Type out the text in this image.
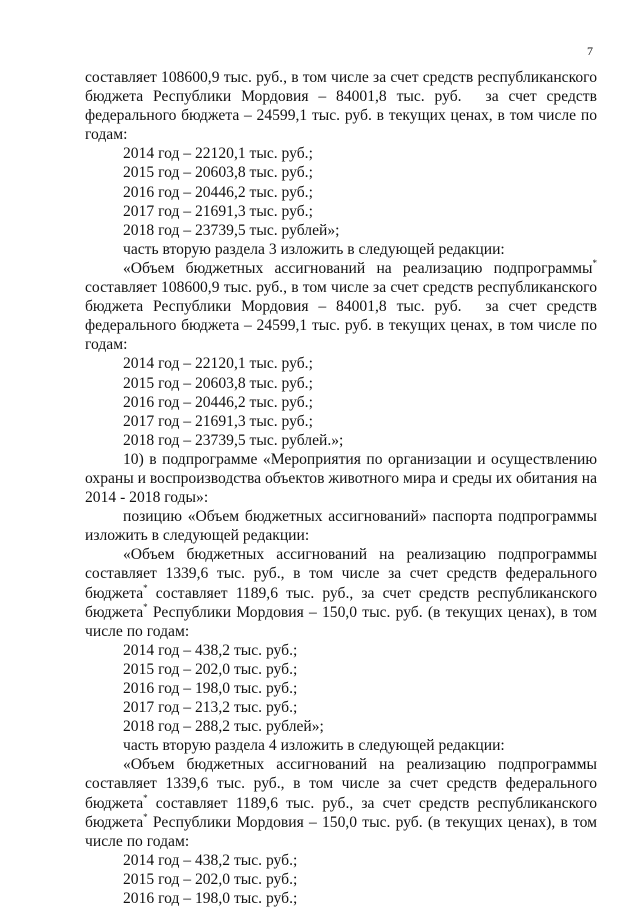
7

составляет 108600,9 тыс. руб., в том числе за счет средств республиканского бюджета Республики Мордовия – 84001,8 тыс. руб. за счет средств федерального бюджета – 24599,1 тыс. руб. в текущих ценах, в том числе по годам:

2014 год – 22120,1 тыс. руб.;

2015 год – 20603,8 тыс. руб.;

2016 год – 20446,2 тыс. руб.;

2017 год – 21691,3 тыс. руб.;

2018 год – 23739,5 тыс. рублей»;

часть вторую раздела 3 изложить в следующей редакции:

«Объем бюджетных ассигнований на реализацию подпрограммы* составляет 108600,9 тыс. руб., в том числе за счет средств республиканского бюджета Республики Мордовия – 84001,8 тыс. руб. за счет средств федерального бюджета – 24599,1 тыс. руб. в текущих ценах, в том числе по годам:

2014 год – 22120,1 тыс. руб.;

2015 год – 20603,8 тыс. руб.;

2016 год – 20446,2 тыс. руб.;

2017 год – 21691,3 тыс. руб.;

2018 год – 23739,5 тыс. рублей.»;

10) в подпрограмме «Мероприятия по организации и осуществлению охраны и воспроизводства объектов животного мира и среды их обитания на 2014 - 2018 годы»:

позицию «Объем бюджетных ассигнований» паспорта подпрограммы изложить в следующей редакции:

«Объем бюджетных ассигнований на реализацию подпрограммы составляет 1339,6 тыс. руб., в том числе за счет средств федерального бюджета* составляет 1189,6 тыс. руб., за счет средств республиканского бюджета* Республики Мордовия – 150,0 тыс. руб. (в текущих ценах), в том числе по годам:

2014 год – 438,2 тыс. руб.;

2015 год – 202,0 тыс. руб.;

2016 год – 198,0 тыс. руб.;

2017 год – 213,2 тыс. руб.;

2018 год – 288,2 тыс. рублей»;

часть вторую раздела 4 изложить в следующей редакции:

«Объем бюджетных ассигнований на реализацию подпрограммы составляет 1339,6 тыс. руб., в том числе за счет средств федерального бюджета* составляет 1189,6 тыс. руб., за счет средств республиканского бюджета* Республики Мордовия – 150,0 тыс. руб. (в текущих ценах), в том числе по годам:

2014 год – 438,2 тыс. руб.;

2015 год – 202,0 тыс. руб.;

2016 год – 198,0 тыс. руб.;
